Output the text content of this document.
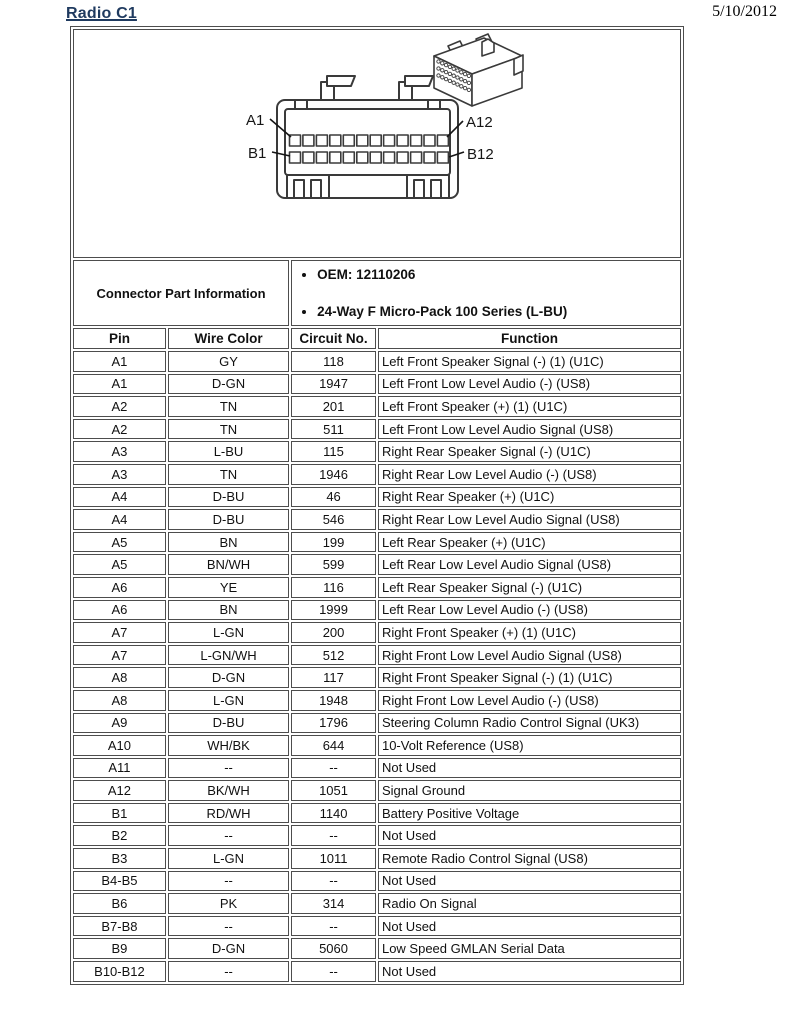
Radio C1	5/10/2012
A1 A12
B1 B12			

Connector Part Information	
• OEM: 12110206
• 24-Way F Micro-Pack 100 Series (L-BU)

Pin	Wire Color	Circuit No.	Function
A1	GY	118	Left Front Speaker Signal (-) (1) (U1C)
A1	D-GN	1947	Left Front Low Level Audio (-) (US8)
A2	TN	201	Left Front Speaker (+) (1) (U1C)
A2	TN	511	Left Front Low Level Audio Signal (US8)
A3	L-BU	115	Right Rear Speaker Signal (-) (U1C)
A3	TN	1946	Right Rear Low Level Audio (-) (US8)
A4	D-BU	46	Right Rear Speaker (+) (U1C)
A4	D-BU	546	Right Rear Low Level Audio Signal (US8)
A5	BN	199	Left Rear Speaker (+) (U1C)
A5	BN/WH	599	Left Rear Low Level Audio Signal (US8)
A6	YE	116	Left Rear Speaker Signal (-) (U1C)
A6	BN	1999	Left Rear Low Level Audio (-) (US8)
A7	L-GN	200	Right Front Speaker (+) (1) (U1C)
A7	L-GN/WH	512	Right Front Low Level Audio Signal (US8)
A8	D-GN	117	Right Front Speaker Signal (-) (1) (U1C)
A8	L-GN	1948	Right Front Low Level Audio (-) (US8)
A9	D-BU	1796	Steering Column Radio Control Signal (UK3)
A10	WH/BK	644	10-Volt Reference (US8)
A11	--	--	Not Used
A12	BK/WH	1051	Signal Ground
B1	RD/WH	1140	Battery Positive Voltage
B2	--	--	Not Used
B3	L-GN	1011	Remote Radio Control Signal (US8)
B4-B5	--	--	Not Used
B6	PK	314	Radio On Signal
B7-B8	--	--	Not Used
B9	D-GN	5060	Low Speed GMLAN Serial Data
B10-B12	--	--	Not Used
